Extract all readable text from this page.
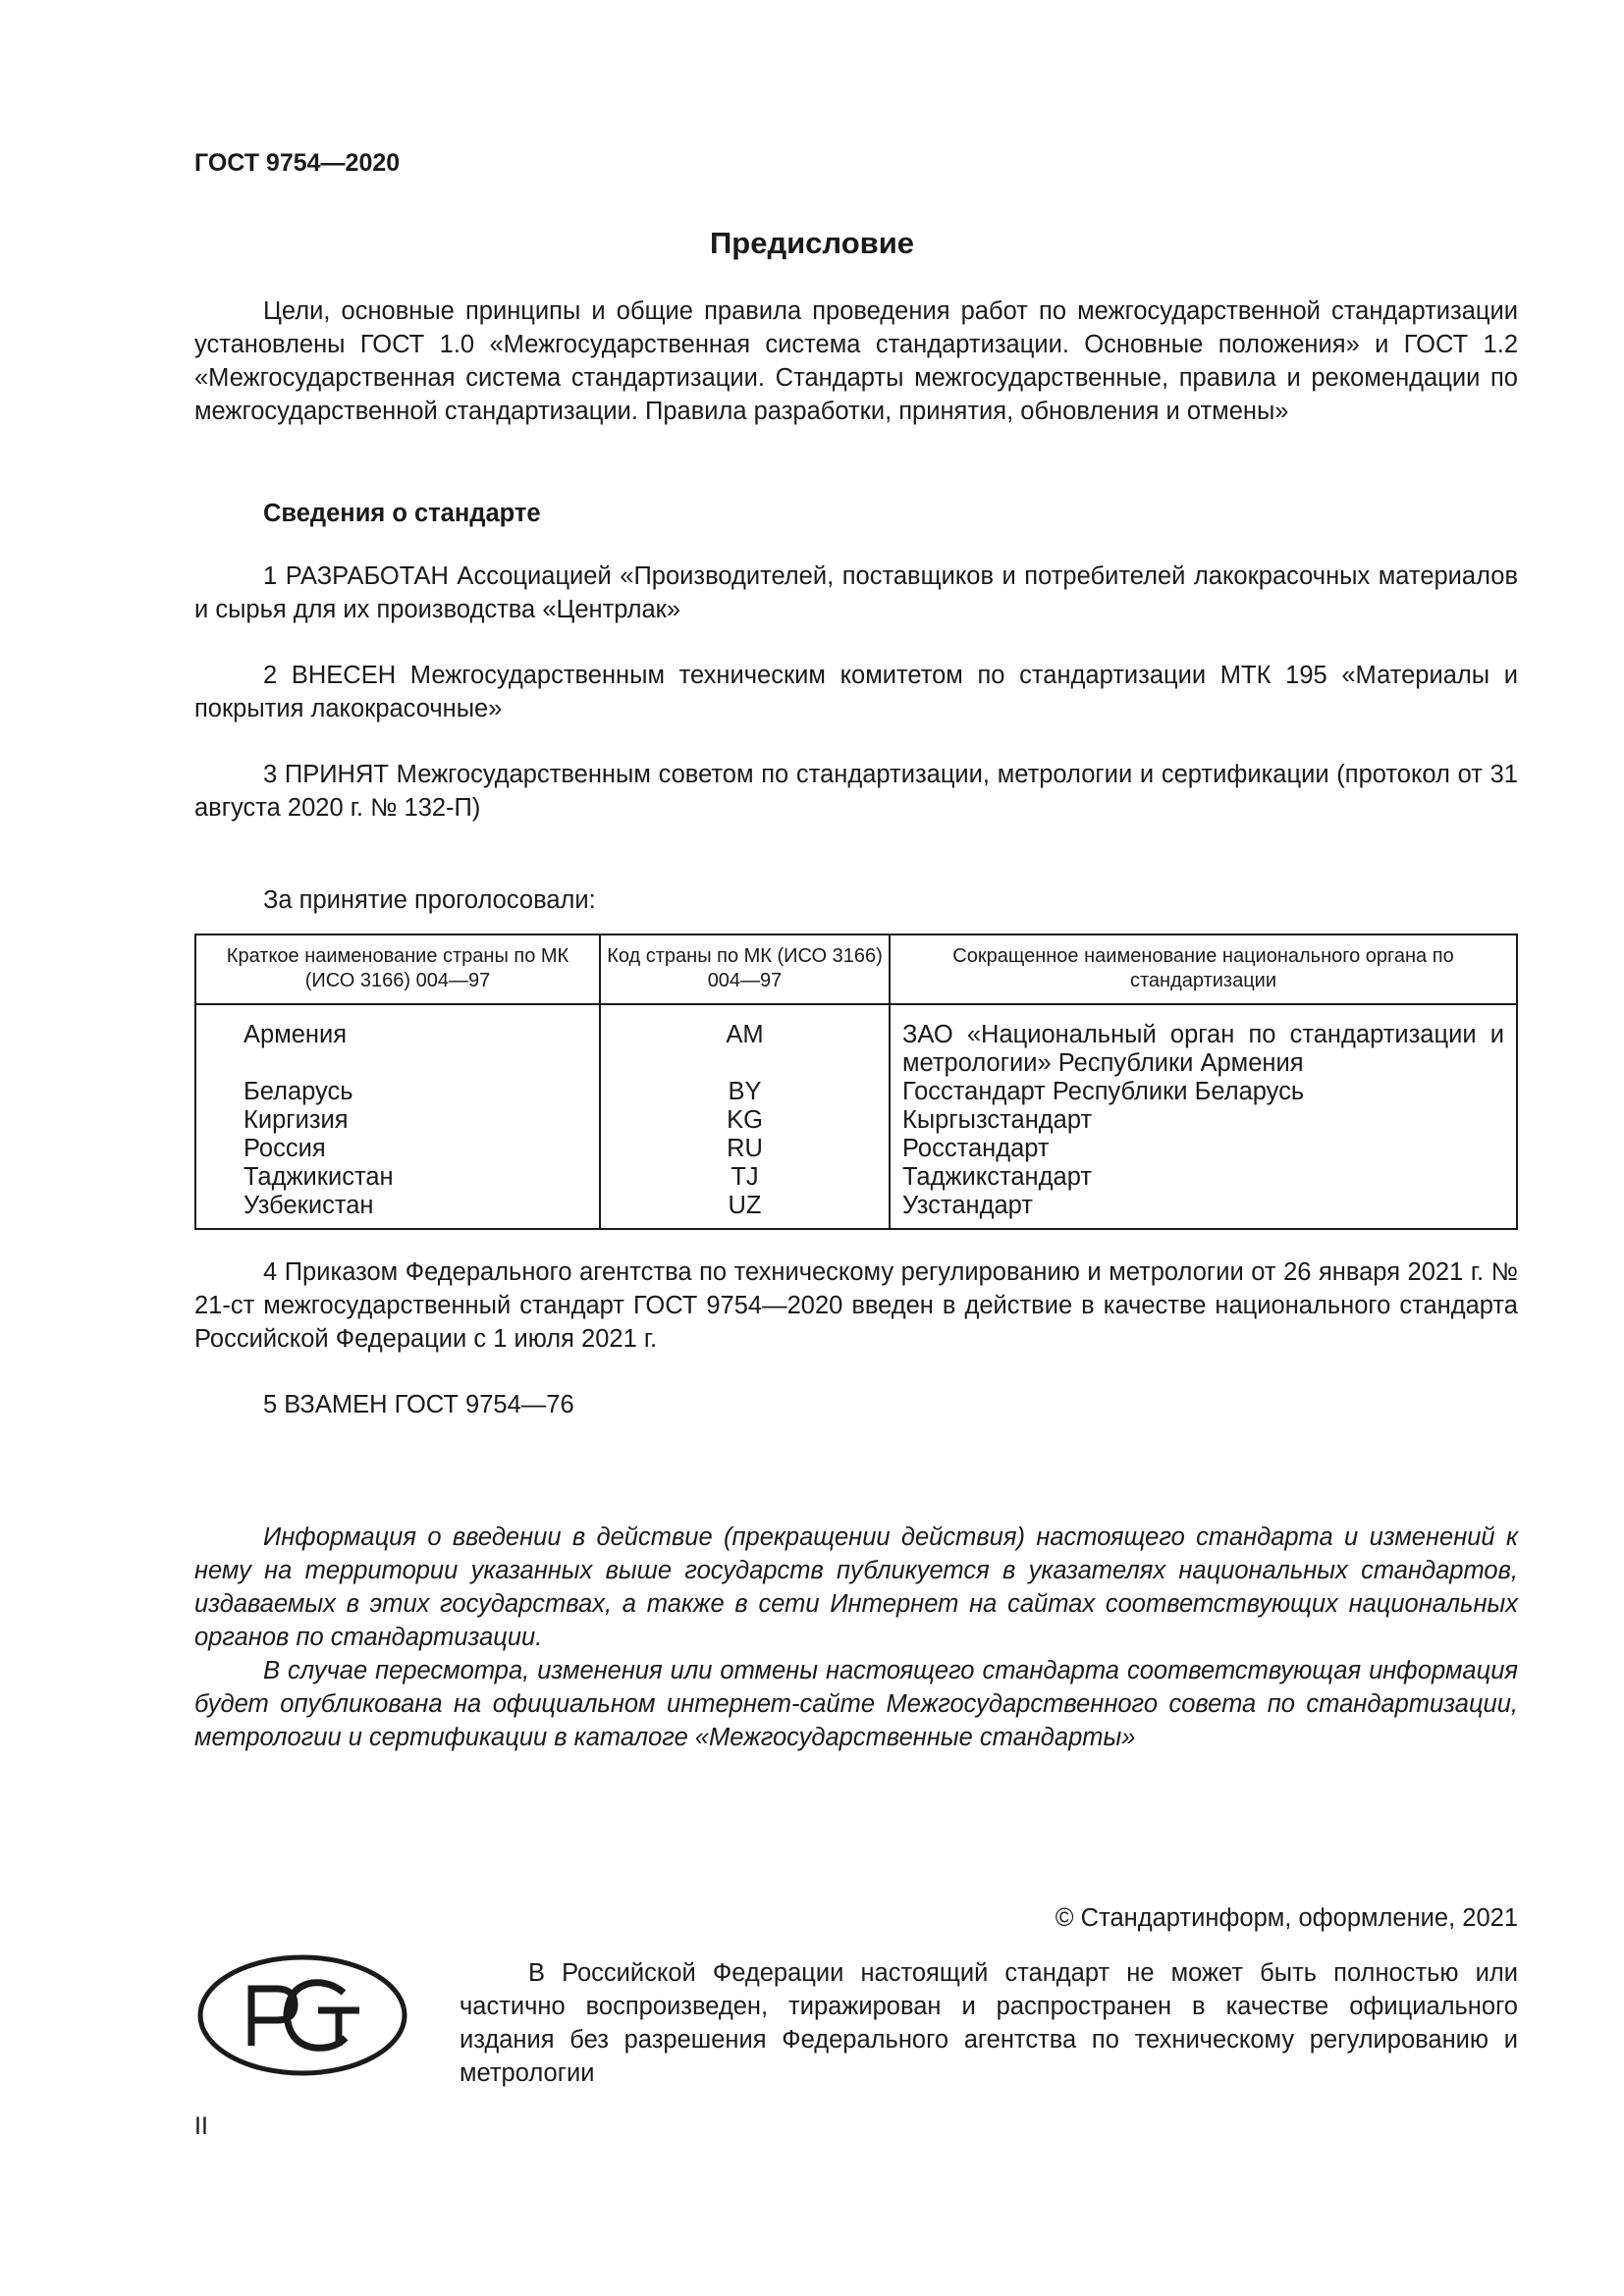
ГОСТ 9754—2020
Предисловие
Цели, основные принципы и общие правила проведения работ по межгосударственной стандартизации установлены ГОСТ 1.0 «Межгосударственная система стандартизации. Основные положения» и ГОСТ 1.2 «Межгосударственная система стандартизации. Стандарты межгосударственные, правила и рекомендации по межгосударственной стандартизации. Правила разработки, принятия, обновления и отмены»
Сведения о стандарте
1 РАЗРАБОТАН Ассоциацией «Производителей, поставщиков и потребителей лакокрасочных материалов и сырья для их производства «Центрлак»
2 ВНЕСЕН Межгосударственным техническим комитетом по стандартизации МТК 195 «Материалы и покрытия лакокрасочные»
3 ПРИНЯТ Межгосударственным советом по стандартизации, метрологии и сертификации (протокол от 31 августа 2020 г. № 132-П)
За принятие проголосовали:
Краткое наименование страны по МК (ИСО 3166) 004—97	Код страны по МК (ИСО 3166) 004—97	Сокращенное наименование национального органа по стандартизации
Армения	AM	ЗАО «Национальный орган по стандартизации и метрологии» Республики Армения
Беларусь	BY	Госстандарт Республики Беларусь
Киргизия	KG	Кыргызстандарт
Россия	RU	Росстандарт
Таджикистан	TJ	Таджикстандарт
Узбекистан	UZ	Узстандарт
4 Приказом Федерального агентства по техническому регулированию и метрологии от 26 января 2021 г. № 21-ст межгосударственный стандарт ГОСТ 9754—2020 введен в действие в качестве национального стандарта Российской Федерации с 1 июля 2021 г.
5 ВЗАМЕН ГОСТ 9754—76
Информация о введении в действие (прекращении действия) настоящего стандарта и изменений к нему на территории указанных выше государств публикуется в указателях национальных стандартов, издаваемых в этих государствах, а также в сети Интернет на сайтах соответствующих национальных органов по стандартизации.
В случае пересмотра, изменения или отмены настоящего стандарта соответствующая информация будет опубликована на официальном интернет-сайте Межгосударственного совета по стандартизации, метрологии и сертификации в каталоге «Межгосударственные стандарты»
© Стандартинформ, оформление, 2021
В Российской Федерации настоящий стандарт не может быть полностью или частично воспроизведен, тиражирован и распространен в качестве официального издания без разрешения Федерального агентства по техническому регулированию и метрологии
II
